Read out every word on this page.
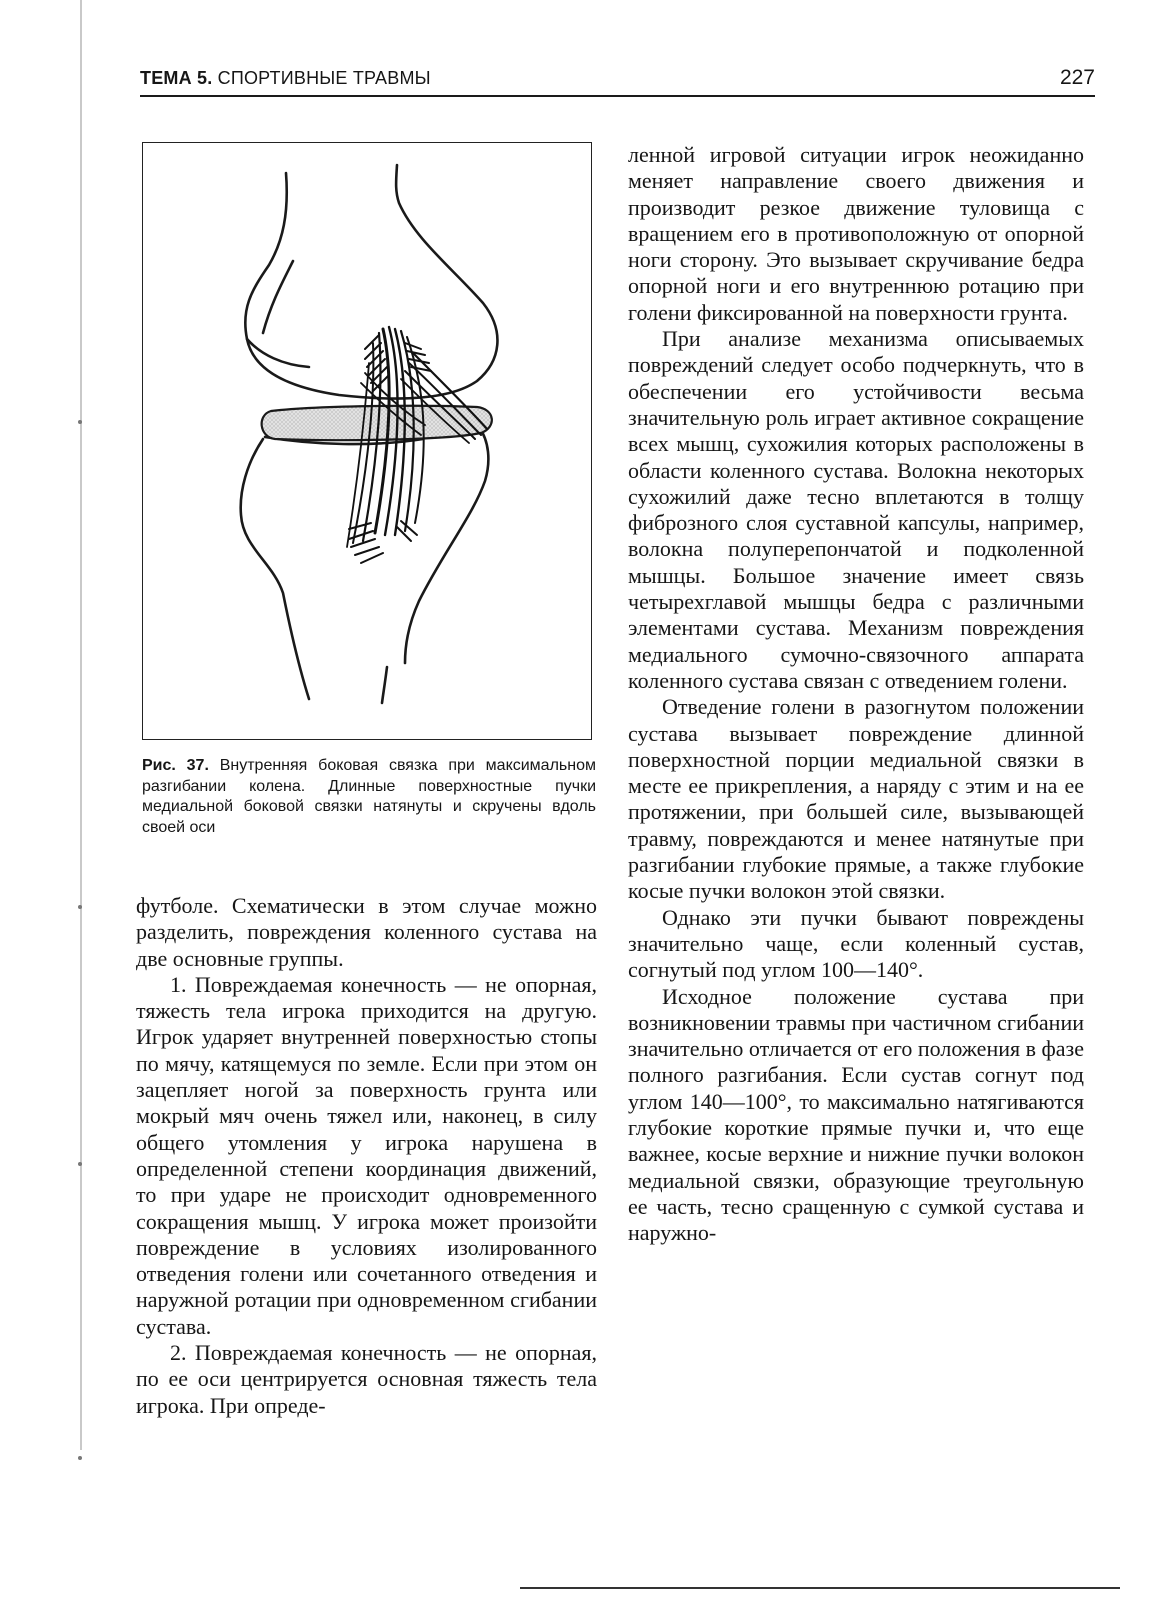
ТЕМА 5. СПОРТИВНЫЕ ТРАВМЫ	227
Рис. 37. Внутренняя боковая связка при максимальном разгибании колена. Длинные поверхностные пучки медиальной боковой связки натянуты и скручены вдоль своей оси

футболе. Схематически в этом случае можно разделить, повреждения коленного сустава на две основные группы.

1. Повреждаемая конечность — не опорная, тяжесть тела игрока приходится на другую. Игрок ударяет внутренней поверхностью стопы по мячу, катящемуся по земле. Если при этом он зацепляет ногой за поверхность грунта или мокрый мяч очень тяжел или, наконец, в силу общего утомления у игрока нарушена в определенной степени координация движений, то при ударе не происходит одновременного сокращения мышц. У игрока может произойти повреждение в условиях изолированного отведения голени или сочетанного отведения и наружной ротации при одновременном сгибании сустава.

2. Повреждаемая конечность — не опорная, по ее оси центрируется основная тяжесть тела игрока. При опреде-

ленной игровой ситуации игрок неожиданно меняет направление своего движения и производит резкое движение туловища с вращением его в противоположную от опорной ноги сторону. Это вызывает скручивание бедра опорной ноги и его внутреннюю ротацию при голени фиксированной на поверхности грунта.

При анализе механизма описываемых повреждений следует особо подчеркнуть, что в обеспечении его устойчивости весьма значительную роль играет активное сокращение всех мышц, сухожилия которых расположены в области коленного сустава. Волокна некоторых сухожилий даже тесно вплетаются в толщу фиброзного слоя суставной капсулы, например, волокна полуперепончатой и подколенной мышцы. Большое значение имеет связь четырехглавой мышцы бедра с различными элементами сустава. Механизм повреждения медиального сумочно-связочного аппарата коленного сустава связан с отведением голени.

Отведение голени в разогнутом положении сустава вызывает повреждение длинной поверхностной порции медиальной связки в месте ее прикрепления, а наряду с этим и на ее протяжении, при большей силе, вызывающей травму, повреждаются и менее натянутые при разгибании глубокие прямые, а также глубокие косые пучки волокон этой связки.

Однако эти пучки бывают повреждены значительно чаще, если коленный сустав, согнутый под углом 100—140°.

Исходное положение сустава при возникновении травмы при частичном сгибании значительно отличается от его положения в фазе полного разгибания. Если сустав согнут под углом 140—100°, то максимально натягиваются глубокие короткие прямые пучки и, что еще важнее, косые верхние и нижние пучки волокон медиальной связки, образующие треугольную ее часть, тесно сращенную с сумкой сустава и наружно-
